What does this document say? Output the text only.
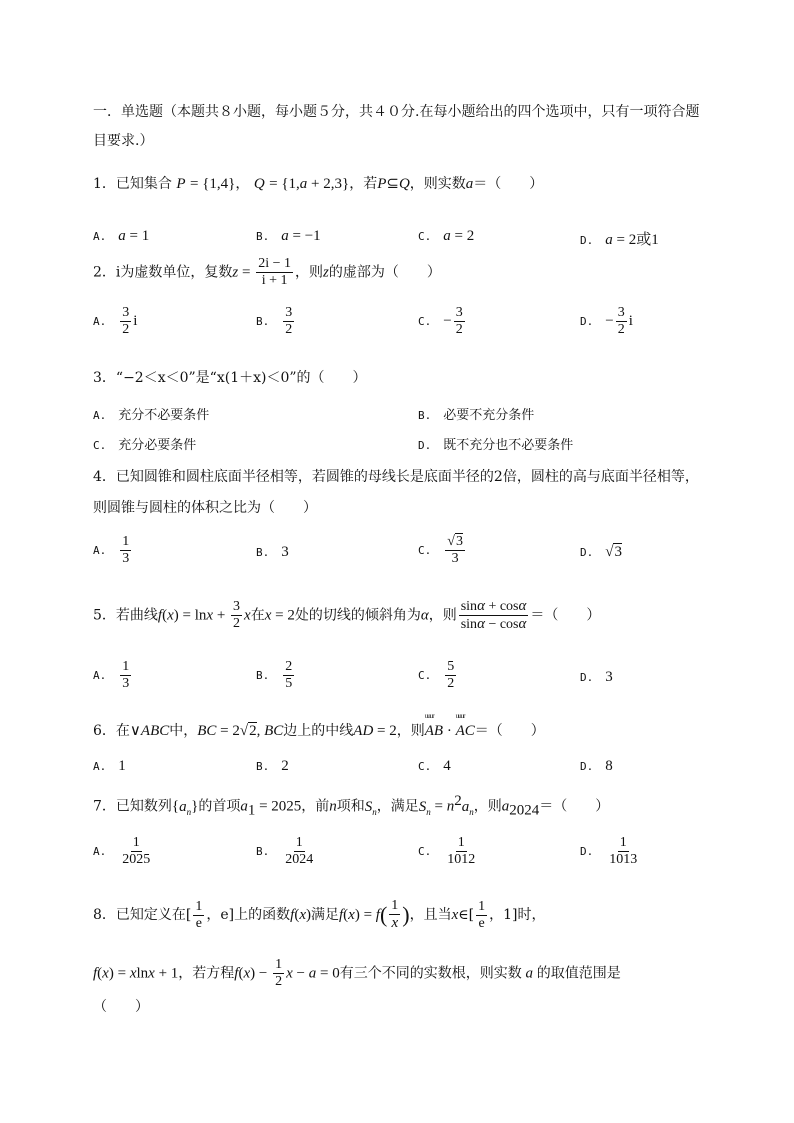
一．单选题（本题共８小题，每小题５分，共４０分.在每小题给出的四个选项中，只有一项符合题目要求.）
1．已知集合 P = {1,4}， Q = {1,a + 2,3}，若P⊆Q，则实数a＝（　　）
A. a = 1	B. a = −1	C. a = 2	D. a = 2或1
2．i为虚数单位，复数$z = \frac{2i - 1}{i + 1}$ ，则z的虚部为（　　）
A. $\frac{3}{2}$ i	B. $\frac{3}{2}$	C. − $\frac{3}{2}$	D. − $\frac{3}{2}$ i
3．“−2＜x＜0”是“x(1＋x)＜0”的（　　）
A. 充分不必要条件	B. 必要不充分条件
C. 充分必要条件	D. 既不充分也不必要条件
4．已知圆锥和圆柱底面半径相等，若圆锥的母线长是底面半径的2倍，圆柱的高与底面半径相等，
则圆锥与圆柱的体积之比为（　　）
A. $\frac{1}{3}$	B. 3	C. $\frac{√3}{3}$	D. √3
5．若曲线$f(x) = \ln x + \frac{3}{2}$ x在x = 2处的切线的倾斜角为α，则 $\frac{\sin\alpha + \cos\alpha}{\sin\alpha - \cos\alpha}$ ＝（　　）
A. $\frac{1}{3}$	B. $\frac{2}{5}$	C. $\frac{5}{2}$	D. 3
6．在∨ABC中，BC = 2√2, BC边上的中线AD = 2，则uuur AB · uuur AC＝（　　）
A. 1	B. 2	C. 4	D. 8
7．已知数列$\{a_n\}$的首项$a_1 = 2025$，前n项和$S_n$，满足$S_n = n^2a_n$，则$a_{2024}=$（　　）
A. $\frac{1}{2025}$	B. $\frac{1}{2024}$	C. $\frac{1}{1012}$	D. $\frac{1}{1013}$
8．已知定义在[ $\frac{1}{e}$ ，e]上的函数f(x)满足$f(x) = f( \frac{1}{x}$ )，且当x∈[ $\frac{1}{e}$ ，1]时，
f(x) = xlnx + 1，若方程$f(x) - \frac{1}{2}$ x − a = 0有三个不同的实数根，则实数 a 的取值范围是
（　　）
